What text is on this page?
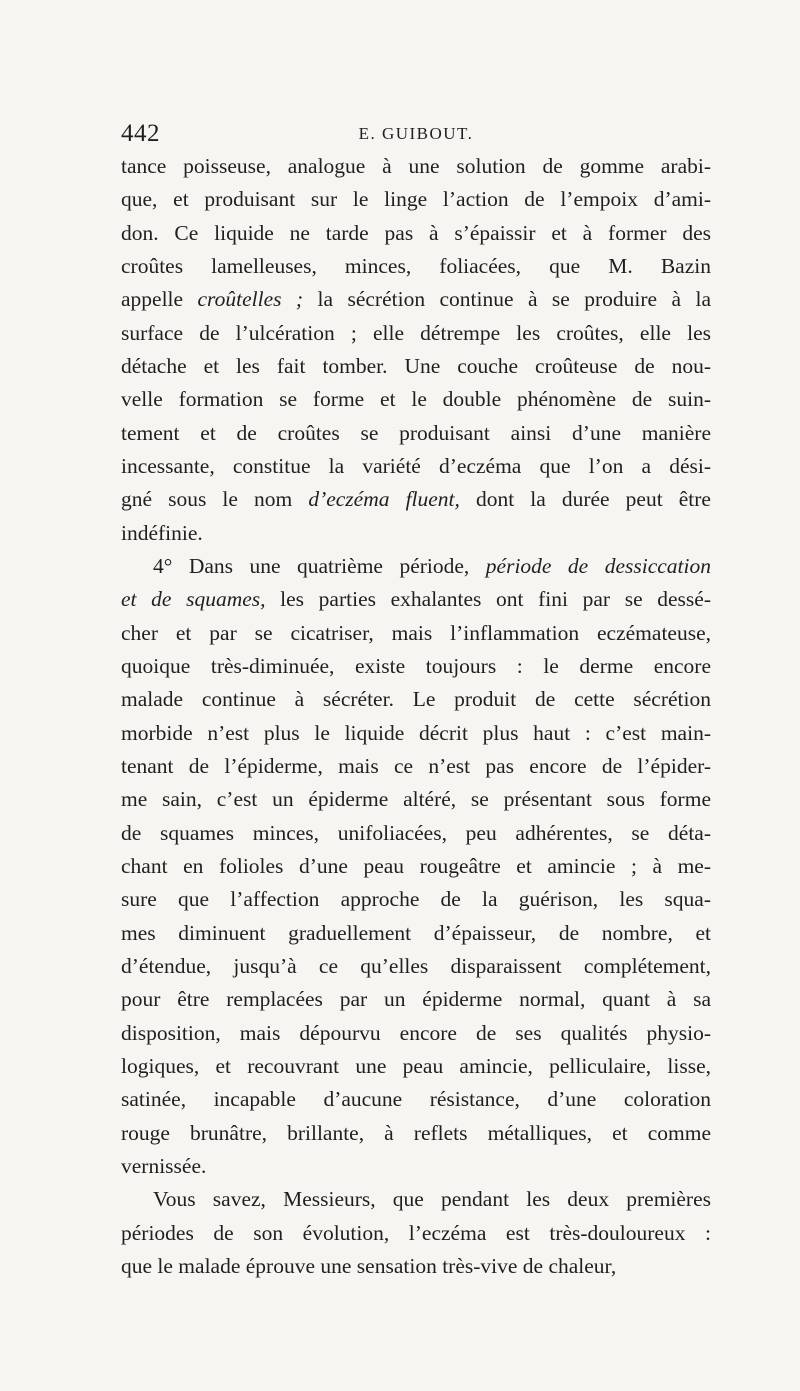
442	E. GUIBOUT.
tance poisseuse, analogue à une solution de gomme arabi-
que, et produisant sur le linge l’action de l’empoix d’ami-
don. Ce liquide ne tarde pas à s’épaissir et à former des
croûtes lamelleuses, minces, foliacées, que M. Bazin
appelle croûtelles ; la sécrétion continue à se produire à la
surface de l’ulcération ; elle détrempe les croûtes, elle les
détache et les fait tomber. Une couche croûteuse de nou-
velle formation se forme et le double phénomène de suin-
tement et de croûtes se produisant ainsi d’une manière
incessante, constitue la variété d’eczéma que l’on a dési-
gné sous le nom d’eczéma fluent, dont la durée peut être
indéfinie.
4° Dans une quatrième période, période de dessiccation
et de squames, les parties exhalantes ont fini par se dessé-
cher et par se cicatriser, mais l’inflammation eczémateuse,
quoique très-diminuée, existe toujours : le derme encore
malade continue à sécréter. Le produit de cette sécrétion
morbide n’est plus le liquide décrit plus haut : c’est main-
tenant de l’épiderme, mais ce n’est pas encore de l’épider-
me sain, c’est un épiderme altéré, se présentant sous forme
de squames minces, unifoliacées, peu adhérentes, se déta-
chant en folioles d’une peau rougeâtre et amincie ; à me-
sure que l’affection approche de la guérison, les squa-
mes diminuent graduellement d’épaisseur, de nombre, et
d’étendue, jusqu’à ce qu’elles disparaissent complétement,
pour être remplacées par un épiderme normal, quant à sa
disposition, mais dépourvu encore de ses qualités physio-
logiques, et recouvrant une peau amincie, pelliculaire, lisse,
satinée, incapable d’aucune résistance, d’une coloration
rouge brunâtre, brillante, à reflets métalliques, et comme
vernissée.
Vous savez, Messieurs, que pendant les deux premières
périodes de son évolution, l’eczéma est très-douloureux :
que le malade éprouve une sensation très-vive de chaleur,
